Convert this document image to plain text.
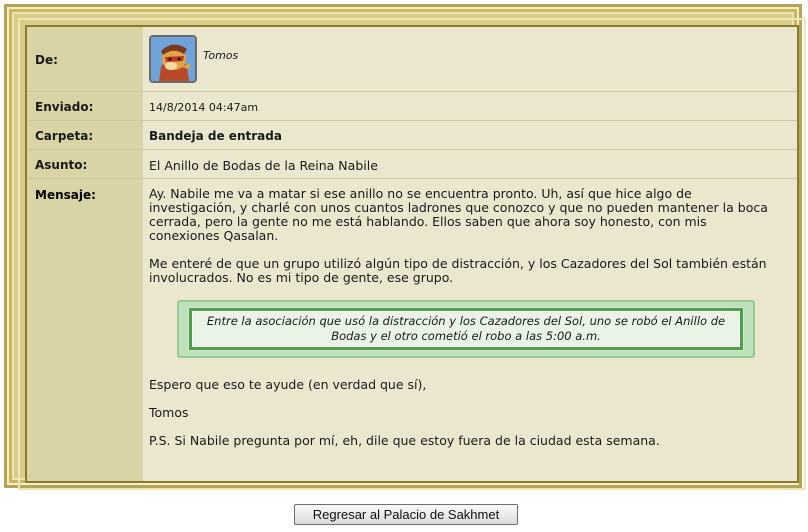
De:	Tomos
Enviado:	14/8/2014 04:47am
Carpeta:	Bandeja de entrada
Asunto:	El Anillo de Bodas de la Reina Nabile
Mensaje:	Ay. Nabile me va a matar si ese anillo no se encuentra pronto. Uh, así que hice algo de investigación, y charlé con unos cuantos ladrones que conozco y que no pueden mantener la boca cerrada, pero la gente no me está hablando. Ellos saben que ahora soy honesto, con mis conexiones Qasalan.

Me enteré de que un grupo utilizó algún tipo de distracción, y los Cazadores del Sol también están involucrados. No es mi tipo de gente, ese grupo.

Entre la asociación que usó la distracción y los Cazadores del Sol, uno se robó el Anillo de Bodas y el otro cometió el robo a las 5:00 a.m.
Espero que eso te ayude (en verdad que sí),
Tomos
P.S. Si Nabile pregunta por mí, eh, dile que estoy fuera de la ciudad esta semana.
Regresar al Palacio de Sakhmet
